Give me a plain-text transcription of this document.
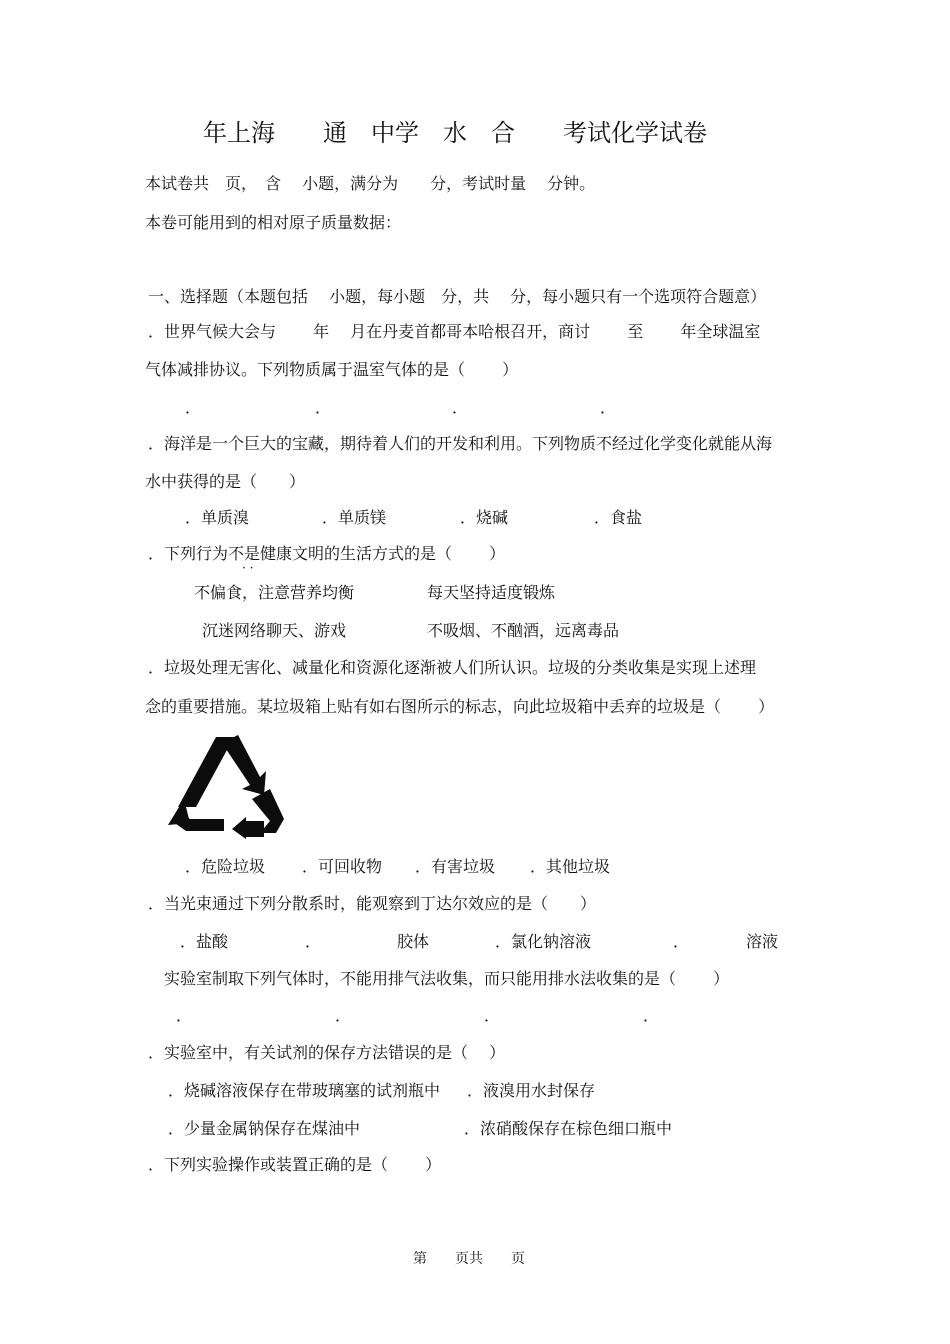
年上海　　通　中学　水　合　　考试化学试卷
本试卷共　页，　含　 小题，满分为　　分，考试时量　 分钟。
本卷可能用到的相对原子质量数据：
一、选择题（本题包括　 小题，每小题　分，共　 分，每小题只有一个选项符合题意）
．世界气候大会与　　 年　 月在丹麦首都哥本哈根召开，商讨　　 至　　 年全球温室
气体减排协议。下列物质属于温室气体的是（　　 ）
．	．	．	．
．海洋是一个巨大的宝藏，期待着人们的开发和利用。下列物质不经过化学变化就能从海
水中获得的是（　　）
．单质溴	．单质镁	．烧碱	．食盐
．下列行为不是健康文明的生活方式的是（　　 ）
· ·
不偏食，注意营养均衡	每天坚持适度锻炼
沉迷网络聊天、游戏	不吸烟、不酗酒，远离毒品
．垃圾处理无害化、减量化和资源化逐渐被人们所认识。垃圾的分类收集是实现上述理
念的重要措施。某垃圾箱上贴有如右图所示的标志，向此垃圾箱中丢弃的垃圾是（　　 ）
．危险垃圾 ．可回收物 ．有害垃圾 ．其他垃圾
．当光束通过下列分散系时，能观察到丁达尔效应的是（　　）
．盐酸	．	胶体	．氯化钠溶液	．	溶液
实验室制取下列气体时，不能用排气法收集，而只能用排水法收集的是（　　 ）
．	．	．	．
．实验室中，有关试剂的保存方法错误的是（　 ）
．烧碱溶液保存在带玻璃塞的试剂瓶中 ．液溴用水封保存
．少量金属钠保存在煤油中	．浓硝酸保存在棕色细口瓶中
．下列实验操作或装置正确的是（　　 ）
第　　页共　　页
